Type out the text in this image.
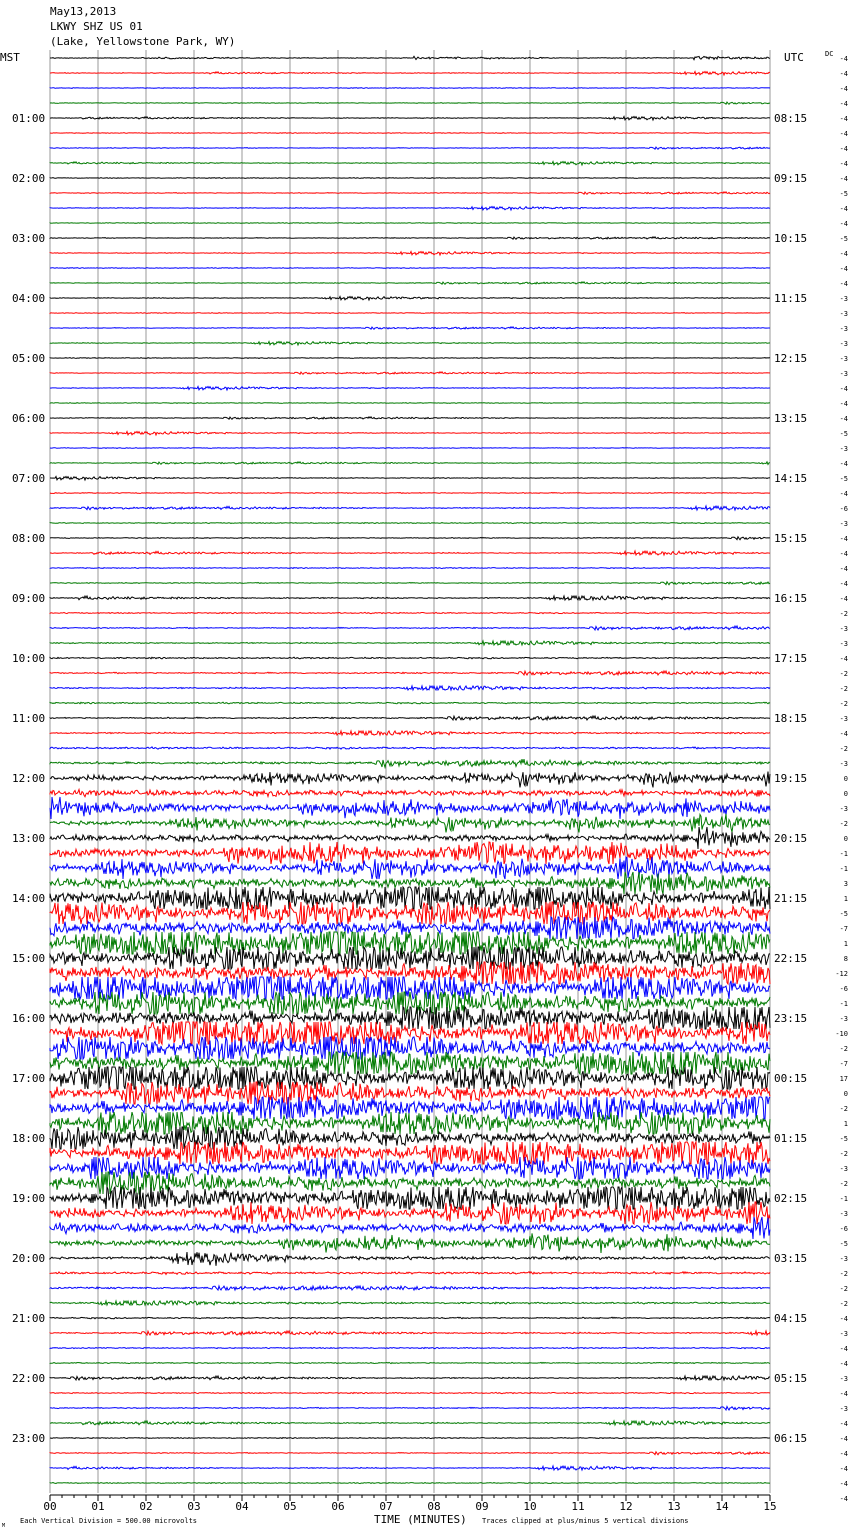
May13,2013
LKWY SHZ US 01
(Lake, Yellowstone Park, WY)
01:00
02:00
03:00
04:00
05:00
06:00
07:00
08:00
09:00
10:00
11:00
12:00
13:00
14:00
15:00
16:00
17:00
18:00
19:00
20:00
21:00
22:00
23:00
08:15
09:15
10:15
11:15
12:15
13:15
14:15
15:15
16:15
17:15
18:15
19:15
20:15
21:15
22:15
23:15
00:15
01:15
02:15
03:15
04:15
05:15
06:15
-4
-4
-4
-4
-4
-4
-4
-4
-4
-5
-4
-4
-5
-4
-4
-4
-3
-3
-3
-3
-3
-3
-4
-4
-4
-5
-3
-4
-5
-4
-6
-3
-4
-4
-4
-4
-4
-2
-3
-3
-4
-2
-2
-2
-3
-4
-2
-3
0
0
-3
-2
0
-1
-1
3
1
-5
-7
1
8
-12
-6
-1
-3
-10
-2
-7
17
0
-2
1
-5
-2
-3
-2
-1
-3
-6
-5
-3
-2
-2
-2
-4
-3
-4
-4
-3
-4
-3
-4
-4
-4
-4
-4
-4
00	01	02	03	04	05	06	07	08	09	10	11	12	13	14	15
MST	UTC	DC
TIME (MINUTES)
Each Vertical Division = 500.00 microvolts	Traces clipped at plus/minus 5 vertical divisions
M
